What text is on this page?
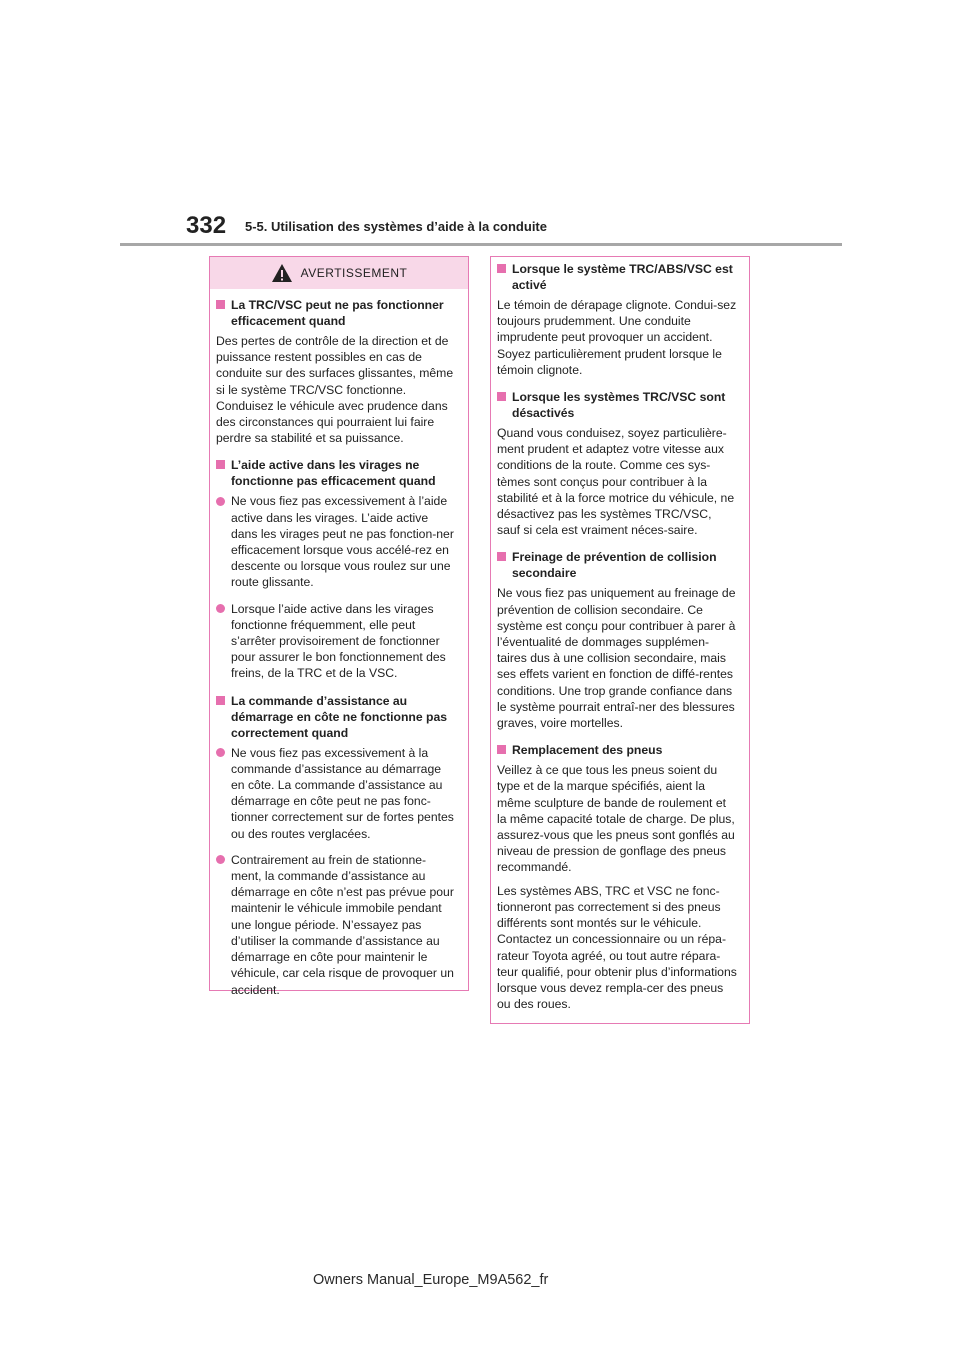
332 5-5. Utilisation des systèmes d’aide à la conduite
AVERTISSEMENT
La TRC/VSC peut ne pas fonctionner efficacement quand

Des pertes de contrôle de la direction et de puissance restent possibles en cas de conduite sur des surfaces glissantes, même si le système TRC/VSC fonctionne. Conduisez le véhicule avec prudence dans des circonstances qui pourraient lui faire perdre sa stabilité et sa puissance.

L’aide active dans les virages ne fonctionne pas efficacement quand
Ne vous fiez pas excessivement à l’aide active dans les virages. L’aide active dans les virages peut ne pas fonction-ner efficacement lorsque vous accélé-rez en descente ou lorsque vous roulez sur une route glissante.
Lorsque l’aide active dans les virages fonctionne fréquemment, elle peut s’arrêter provisoirement de fonctionner pour assurer le bon fonctionnement des freins, de la TRC et de la VSC.
La commande d’assistance au démarrage en côte ne fonctionne pas correctement quand
Ne vous fiez pas excessivement à la commande d’assistance au démarrage en côte. La commande d’assistance au démarrage en côte peut ne pas fonc-tionner correctement sur de fortes pentes ou des routes verglacées.
Contrairement au frein de stationne-ment, la commande d’assistance au démarrage en côte n’est pas prévue pour maintenir le véhicule immobile pendant une longue période. N’essayez pas d’utiliser la commande d’assistance au démarrage en côte pour maintenir le véhicule, car cela risque de provoquer un accident.
Lorsque le système TRC/ABS/VSC est activé

Le témoin de dérapage clignote. Condui-sez toujours prudemment. Une conduite imprudente peut provoquer un accident. Soyez particulièrement prudent lorsque le témoin clignote.

Lorsque les systèmes TRC/VSC sont désactivés

Quand vous conduisez, soyez particulière-ment prudent et adaptez votre vitesse aux conditions de la route. Comme ces sys-tèmes sont conçus pour contribuer à la stabilité et à la force motrice du véhicule, ne désactivez pas les systèmes TRC/VSC, sauf si cela est vraiment néces-saire.

Freinage de prévention de collision secondaire

Ne vous fiez pas uniquement au freinage de prévention de collision secondaire. Ce système est conçu pour contribuer à parer à l’éventualité de dommages supplémen-taires dus à une collision secondaire, mais ses effets varient en fonction de diffé-rentes conditions. Une trop grande confiance dans le système pourrait entraî-ner des blessures graves, voire mortelles.

Remplacement des pneus

Veillez à ce que tous les pneus soient du type et de la marque spécifiés, aient la même sculpture de bande de roulement et la même capacité totale de charge. De plus, assurez-vous que les pneus sont gonflés au niveau de pression de gonflage des pneus recommandé.

Les systèmes ABS, TRC et VSC ne fonc-tionneront pas correctement si des pneus différents sont montés sur le véhicule. Contactez un concessionnaire ou un répa-rateur Toyota agréé, ou tout autre répara-teur qualifié, pour obtenir plus d’informations lorsque vous devez rempla-cer des pneus ou des roues.

Owners Manual_Europe_M9A562_fr
